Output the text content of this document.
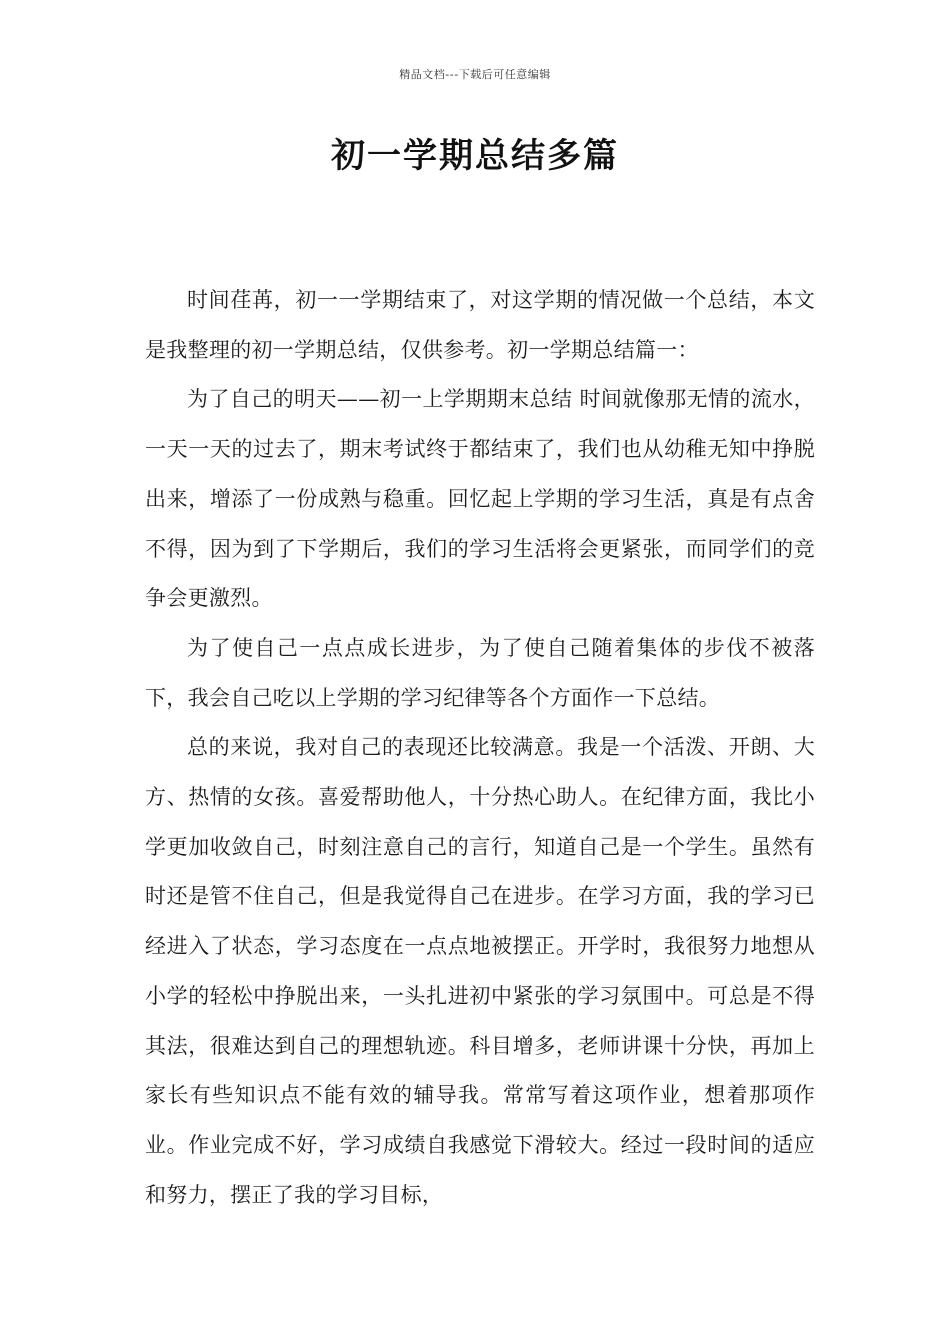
精品文档---下载后可任意编辑
初一学期总结多篇

时间荏苒，初一一学期结束了，对这学期的情况做一个总结，本文是我整理的初一学期总结，仅供参考。初一学期总结篇一：

为了自己的明天——初一上学期期末总结 时间就像那无情的流水，一天一天的过去了，期末考试终于都结束了，我们也从幼稚无知中挣脱出来，增添了一份成熟与稳重。回忆起上学期的学习生活，真是有点舍不得，因为到了下学期后，我们的学习生活将会更紧张，而同学们的竞争会更激烈。

为了使自己一点点成长进步，为了使自己随着集体的步伐不被落下，我会自己吃以上学期的学习纪律等各个方面作一下总结。

总的来说，我对自己的表现还比较满意。我是一个活泼、开朗、大方、热情的女孩。喜爱帮助他人，十分热心助人。在纪律方面，我比小学更加收敛自己，时刻注意自己的言行，知道自己是一个学生。虽然有时还是管不住自己，但是我觉得自己在进步。在学习方面，我的学习已经进入了状态，学习态度在一点点地被摆正。开学时，我很努力地想从小学的轻松中挣脱出来，一头扎进初中紧张的学习氛围中。可总是不得其法，很难达到自己的理想轨迹。科目增多，老师讲课十分快，再加上家长有些知识点不能有效的辅导我。常常写着这项作业，想着那项作业。作业完成不好，学习成绩自我感觉下滑较大。经过一段时间的适应和努力，摆正了我的学习目标，
